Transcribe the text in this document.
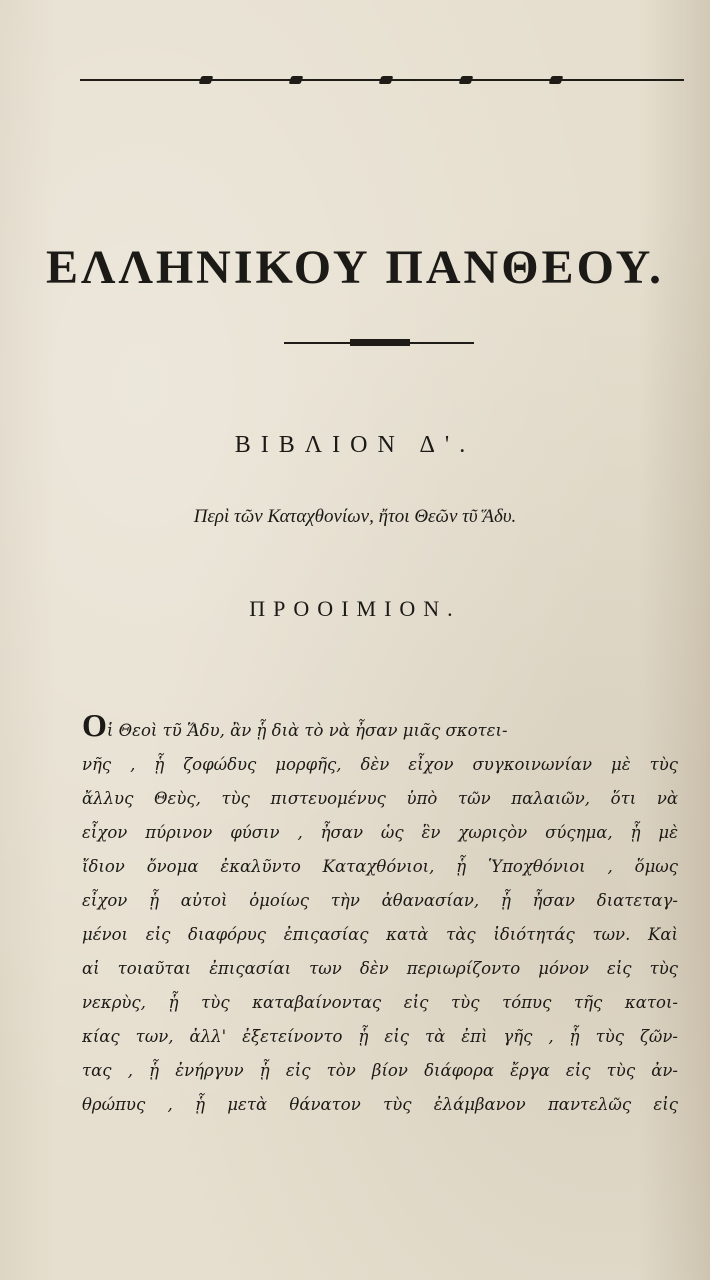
ΕΛΛΗΝΙΚΟΥ ΠΑΝΘΕΟΥ.
ΒΙΒΛΙΟΝ Δ'.
Περὶ τῶν Καταχθονίων, ἤτοι Θεῶν τῦ Ἅδυ.
ΠΡΟΟΙΜΙΟΝ.
Οἱ Θεοὶ τῦ Ἅδυ, ἂν ᾗ διὰ τὸ νὰ ἦσαν μιᾶς σκοτει-
νῆς , ᾗ ζοφώδυς μορφῆς, δὲν εἶχον συγκοινωνίαν μὲ τὺς
ἄλλυς Θεὺς, τὺς πιστευομένυς ὑπὸ τῶν παλαιῶν, ὅτι νὰ
εἶχον πύρινον φύσιν , ἦσαν ὡς ἓν χωριςὸν σύςημα, ᾗ μὲ
ἴδιον ὄνομα ἐκαλῦντο Καταχθόνιοι, ᾗ Ὑποχθόνιοι , ὅμως
εἶχον ᾗ αὐτοὶ ὁμοίως τὴν ἀθανασίαν, ᾗ ἦσαν διατεταγ-
μένοι εἰς διαφόρυς ἐπιςασίας κατὰ τὰς ἰδιότητάς των. Καὶ
αἱ τοιαῦται ἐπιςασίαι των δὲν περιωρίζοντο μόνον εἰς τὺς
νεκρὺς, ᾗ τὺς καταβαίνοντας εἰς τὺς τόπυς τῆς κατοι-
κίας των, ἀλλ' ἐξετείνοντο ᾗ εἰς τὰ ἐπὶ γῆς , ᾗ τὺς ζῶν-
τας , ᾗ ἐνήργυν ᾗ εἰς τὸν βίον διάφορα ἔργα εἰς τὺς ἀν-
θρώπυς , ᾗ μετὰ θάνατον τὺς ἐλάμβανον παντελῶς εἰς
